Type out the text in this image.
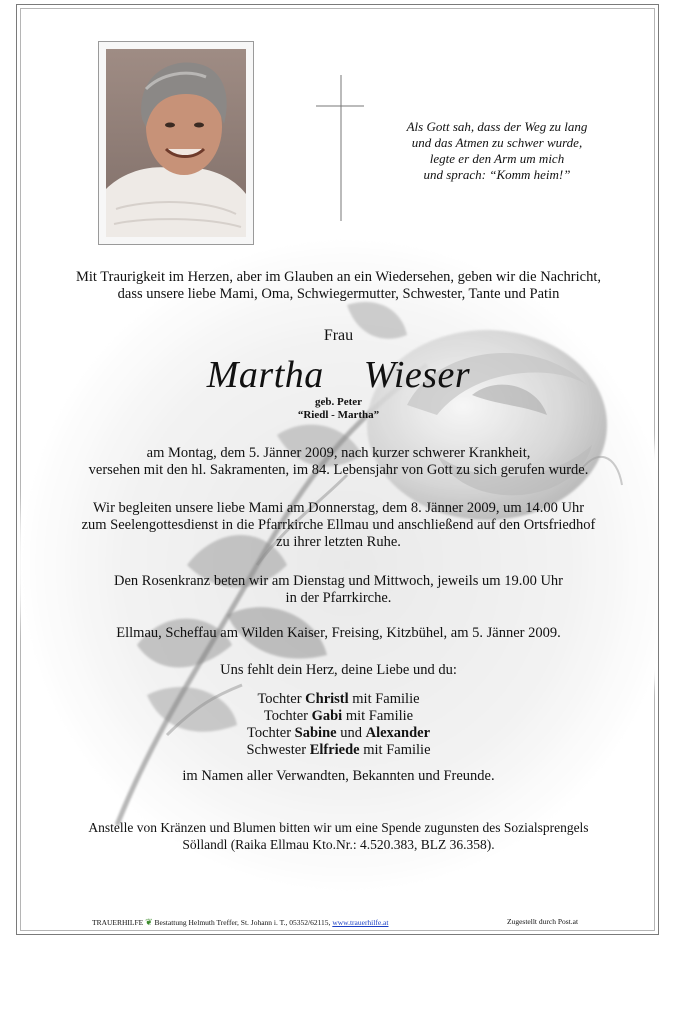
Als Gott sah, dass der Weg zu lang
und das Atmen zu schwer wurde,
legte er den Arm um mich
und sprach: “Komm heim!”
Mit Traurigkeit im Herzen, aber im Glauben an ein Wiedersehen, geben wir die Nachricht,
dass unsere liebe Mami, Oma, Schwiegermutter, Schwester, Tante und Patin
Frau
Martha  Wieser
geb. Peter
“Riedl - Martha”
am Montag, dem 5. Jänner 2009, nach kurzer schwerer Krankheit,
versehen mit den hl. Sakramenten, im 84. Lebensjahr von Gott zu sich gerufen wurde.
Wir begleiten unsere liebe Mami am Donnerstag, dem 8. Jänner 2009, um 14.00 Uhr
zum Seelengottesdienst in die Pfarrkirche Ellmau und anschließend auf den Ortsfriedhof
zu ihrer letzten Ruhe.
Den Rosenkranz beten wir am Dienstag und Mittwoch, jeweils um 19.00 Uhr
in der Pfarrkirche.
Ellmau, Scheffau am Wilden Kaiser, Freising, Kitzbühel, am 5. Jänner 2009.
Uns fehlt dein Herz, deine Liebe und du:
Tochter Christl mit Familie
Tochter Gabi mit Familie
Tochter Sabine und Alexander
Schwester Elfriede mit Familie
im Namen aller Verwandten, Bekannten und Freunde.
Anstelle von Kränzen und Blumen bitten wir um eine Spende zugunsten des Sozialsprengels
Söllandl (Raika Ellmau Kto.Nr.: 4.520.383, BLZ 36.358).
TRAUERHILFE ❦ Bestattung Helmuth Treffer, St. Johann i. T., 05352/62115, www.trauerhilfe.at	Zugestellt durch Post.at
